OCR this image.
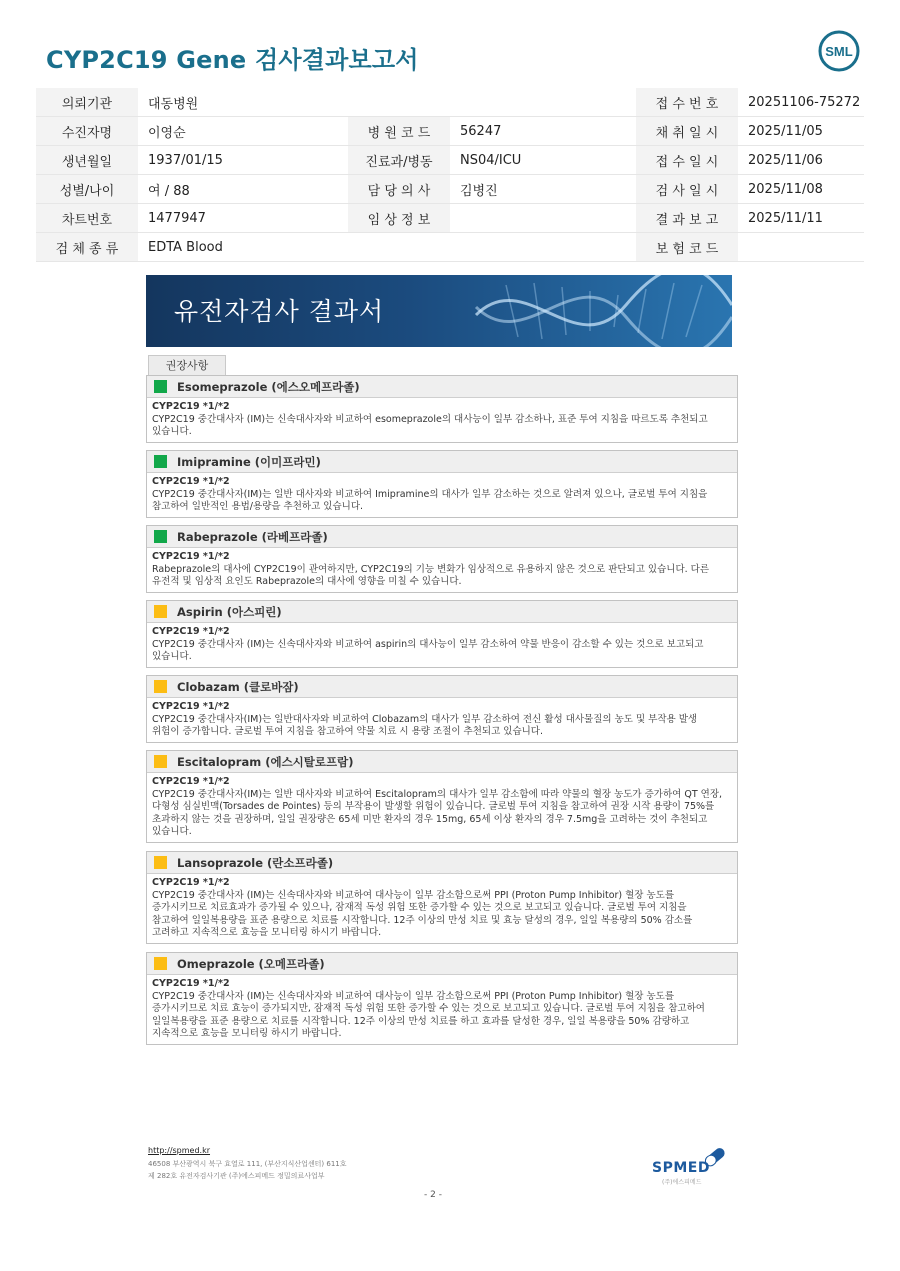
CYP2C19 Gene 검사결과보고서	SML
의뢰기관	대동병원			접 수 번 호	20251106-75272
수진자명	이영순	병 원 코 드	56247	채 취 일 시	2025/11/05
생년월일	1937/01/15	진료과/병동	NS04/ICU	접 수 일 시	2025/11/06
성별/나이	여 / 88	담 당 의 사	김병진	검 사 일 시	2025/11/08
차트번호	1477947	임 상 정 보		결 과 보 고	2025/11/11
검 체 종 류	EDTA Blood			보 험 코 드	
유전자검사 결과서
권장사항
Esomeprazole (에스오메프라졸)
CYP2C19 *1/*2
CYP2C19 중간대사자 (IM)는 신속대사자와 비교하여 esomeprazole의 대사능이 일부 감소하나, 표준 투여 지침을 따르도록 추천되고
있습니다.
Imipramine (이미프라민)
CYP2C19 *1/*2
CYP2C19 중간대사자(IM)는 일반 대사자와 비교하여 Imipramine의 대사가 일부 감소하는 것으로 알려져 있으나, 글로벌 투여 지침을
참고하여 일반적인 용법/용량을 추천하고 있습니다.
Rabeprazole (라베프라졸)
CYP2C19 *1/*2
Rabeprazole의 대사에 CYP2C19이 관여하지만, CYP2C19의 기능 변화가 임상적으로 유용하지 않은 것으로 판단되고 있습니다. 다른
유전적 및 임상적 요인도 Rabeprazole의 대사에 영향을 미칠 수 있습니다.
Aspirin (아스피린)
CYP2C19 *1/*2
CYP2C19 중간대사자 (IM)는 신속대사자와 비교하여 aspirin의 대사능이 일부 감소하여 약물 반응이 감소할 수 있는 것으로 보고되고
있습니다.
Clobazam (클로바잠)
CYP2C19 *1/*2
CYP2C19 중간대사자(IM)는 일반대사자와 비교하여 Clobazam의 대사가 일부 감소하여 전신 활성 대사물질의 농도 및 부작용 발생
위험이 증가합니다. 글로벌 투여 지침을 참고하여 약물 치료 시 용량 조절이 추천되고 있습니다.
Escitalopram (에스시탈로프람)
CYP2C19 *1/*2
CYP2C19 중간대사자(IM)는 일반 대사자와 비교하여 Escitalopram의 대사가 일부 감소함에 따라 약물의 혈장 농도가 증가하여 QT 연장,
다형성 심실빈맥(Torsades de Pointes) 등의 부작용이 발생할 위험이 있습니다. 글로벌 투여 지침을 참고하여 권장 시작 용량이 75%를
초과하지 않는 것을 권장하며, 일일 권장량은 65세 미만 환자의 경우 15mg, 65세 이상 환자의 경우 7.5mg을 고려하는 것이 추천되고
있습니다.
Lansoprazole (란소프라졸)
CYP2C19 *1/*2
CYP2C19 중간대사자 (IM)는 신속대사자와 비교하여 대사능이 일부 감소함으로써 PPI (Proton Pump Inhibitor) 혈장 농도를
증가시키므로 치료효과가 증가될 수 있으나, 잠재적 독성 위험 또한 증가할 수 있는 것으로 보고되고 있습니다. 글로벌 투여 지침을
참고하여 일일복용량을 표준 용량으로 치료를 시작합니다. 12주 이상의 만성 치료 및 효능 달성의 경우, 일일 복용량의 50% 감소를
고려하고 지속적으로 효능을 모니터링 하시기 바랍니다.
Omeprazole (오메프라졸)
CYP2C19 *1/*2
CYP2C19 중간대사자 (IM)는 신속대사자와 비교하여 대사능이 일부 감소함으로써 PPI (Proton Pump Inhibitor) 혈장 농도를
증가시키므로 치료 효능이 증가되지만, 잠재적 독성 위험 또한 증가할 수 있는 것으로 보고되고 있습니다. 글로벌 투여 지침을 참고하여
일일복용량을 표준 용량으로 치료를 시작합니다. 12주 이상의 만성 치료를 하고 효과를 달성한 경우, 일일 복용량을 50% 감량하고
지속적으로 효능을 모니터링 하시기 바랍니다.
http://spmed.kr
46508 부산광역시 북구 효열로 111, (부산지식산업센터) 611호
제 282호 유전자검사기관 (주)에스피메드 정밀의료사업부	SPMED
(주)에스피메드
- 2 -
